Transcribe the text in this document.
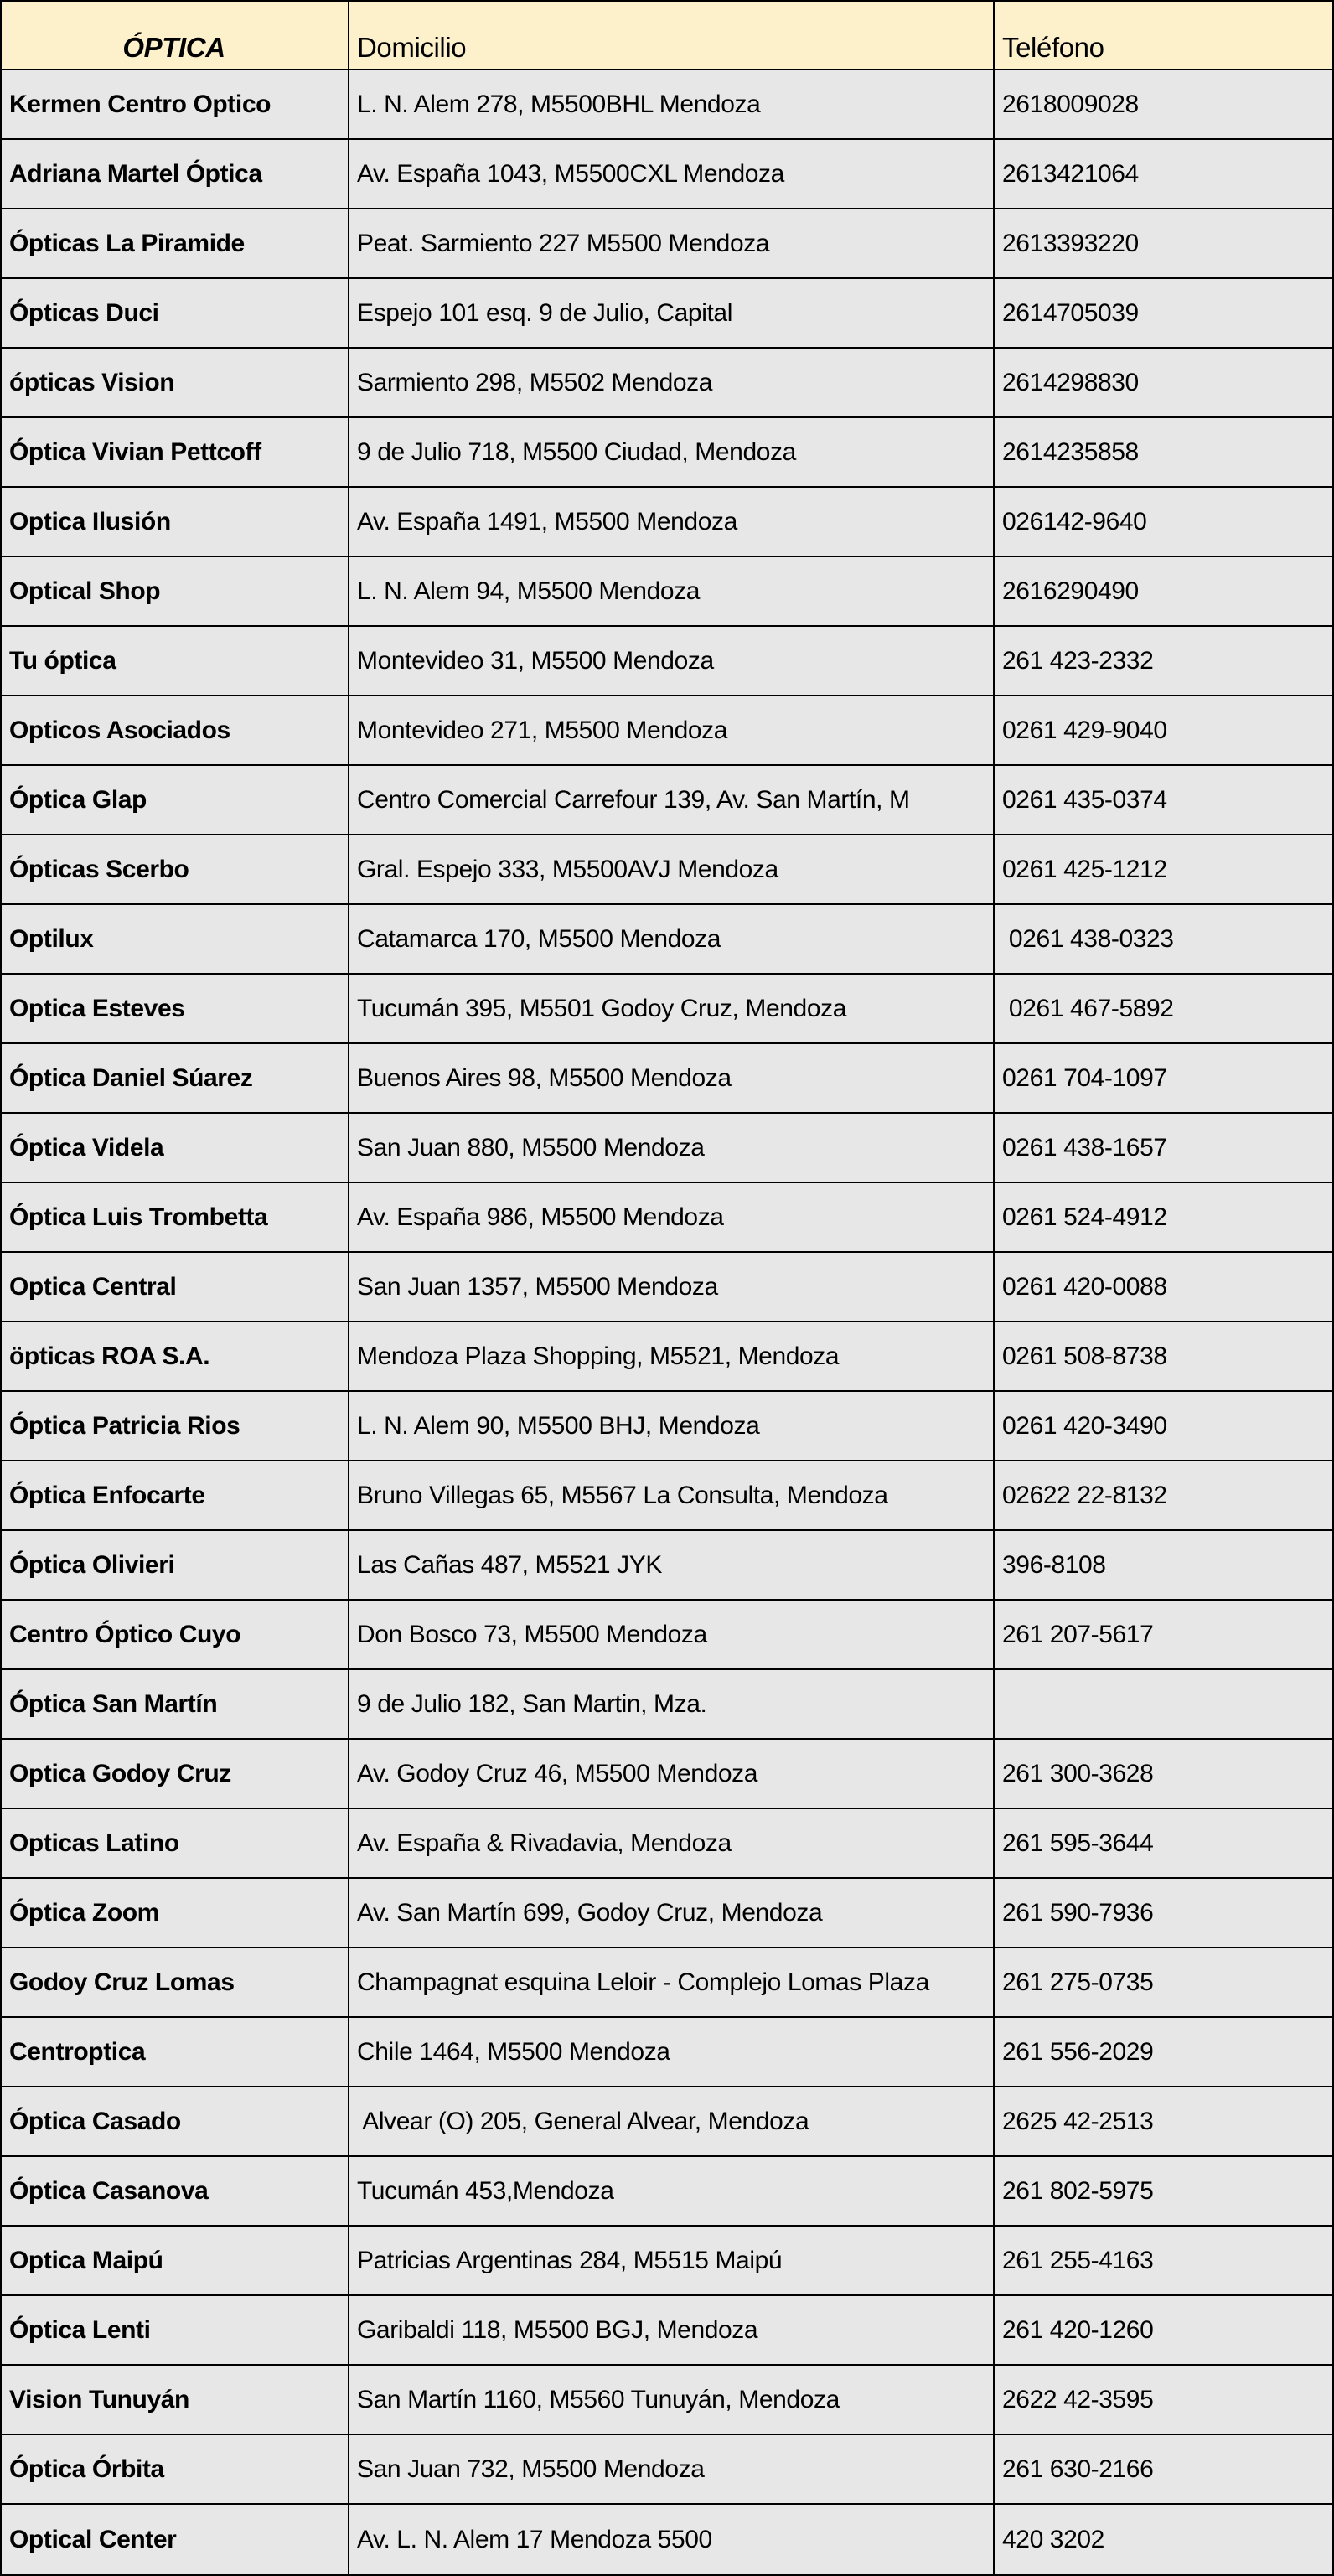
ÓPTICA	Domicilio	Teléfono
Kermen Centro Optico	L. N. Alem 278, M5500BHL Mendoza	2618009028
Adriana Martel Óptica	Av. España 1043, M5500CXL Mendoza	2613421064
Ópticas La Piramide	Peat. Sarmiento 227 M5500 Mendoza	2613393220
Ópticas Duci	Espejo 101 esq. 9 de Julio, Capital	2614705039
ópticas Vision	Sarmiento 298, M5502 Mendoza	2614298830
Óptica Vivian Pettcoff	9 de Julio 718, M5500 Ciudad, Mendoza	2614235858
Optica Ilusión	Av. España 1491, M5500 Mendoza	026142-9640
Optical Shop	L. N. Alem 94, M5500 Mendoza	2616290490
Tu óptica	Montevideo 31, M5500 Mendoza	261 423-2332
Opticos Asociados	Montevideo 271, M5500 Mendoza	0261 429-9040
Óptica Glap	Centro Comercial Carrefour 139, Av. San Martín, M	0261 435-0374
Ópticas Scerbo	Gral. Espejo 333, M5500AVJ Mendoza	0261 425-1212
Optilux	Catamarca 170, M5500 Mendoza	0261 438-0323
Optica Esteves	Tucumán 395, M5501 Godoy Cruz, Mendoza	0261 467-5892
Óptica Daniel Súarez	Buenos Aires 98, M5500 Mendoza	0261 704-1097
Óptica Videla	San Juan 880, M5500 Mendoza	0261 438-1657
Óptica Luis Trombetta	Av. España 986, M5500 Mendoza	0261 524-4912
Optica Central	San Juan 1357, M5500 Mendoza	0261 420-0088
öpticas ROA S.A.	Mendoza Plaza Shopping, M5521, Mendoza	0261 508-8738
Óptica Patricia Rios	L. N. Alem 90, M5500 BHJ, Mendoza	0261 420-3490
Óptica Enfocarte	Bruno Villegas 65, M5567 La Consulta, Mendoza	02622 22-8132
Óptica Olivieri	Las Cañas 487, M5521 JYK	396-8108
Centro Óptico Cuyo	Don Bosco 73, M5500 Mendoza	261 207-5617
Óptica San Martín	9 de Julio 182, San Martin, Mza.
Optica Godoy Cruz	Av. Godoy Cruz 46, M5500 Mendoza	261 300-3628
Opticas Latino	Av. España & Rivadavia, Mendoza	261 595-3644
Óptica Zoom	Av. San Martín 699, Godoy Cruz, Mendoza	261 590-7936
Godoy Cruz Lomas	Champagnat esquina Leloir - Complejo Lomas Plaza	261 275-0735
Centroptica	Chile 1464, M5500 Mendoza	261 556-2029
Óptica Casado	Alvear (O) 205, General Alvear, Mendoza	2625 42-2513
Óptica Casanova	Tucumán 453,Mendoza	261 802-5975
Optica Maipú	Patricias Argentinas 284, M5515 Maipú	261 255-4163
Óptica Lenti	Garibaldi 118, M5500 BGJ, Mendoza	261 420-1260
Vision Tunuyán	San Martín 1160, M5560 Tunuyán, Mendoza	2622 42-3595
Óptica Órbita	San Juan 732, M5500 Mendoza	261 630-2166
Optical Center	Av. L. N. Alem 17 Mendoza 5500	420 3202
